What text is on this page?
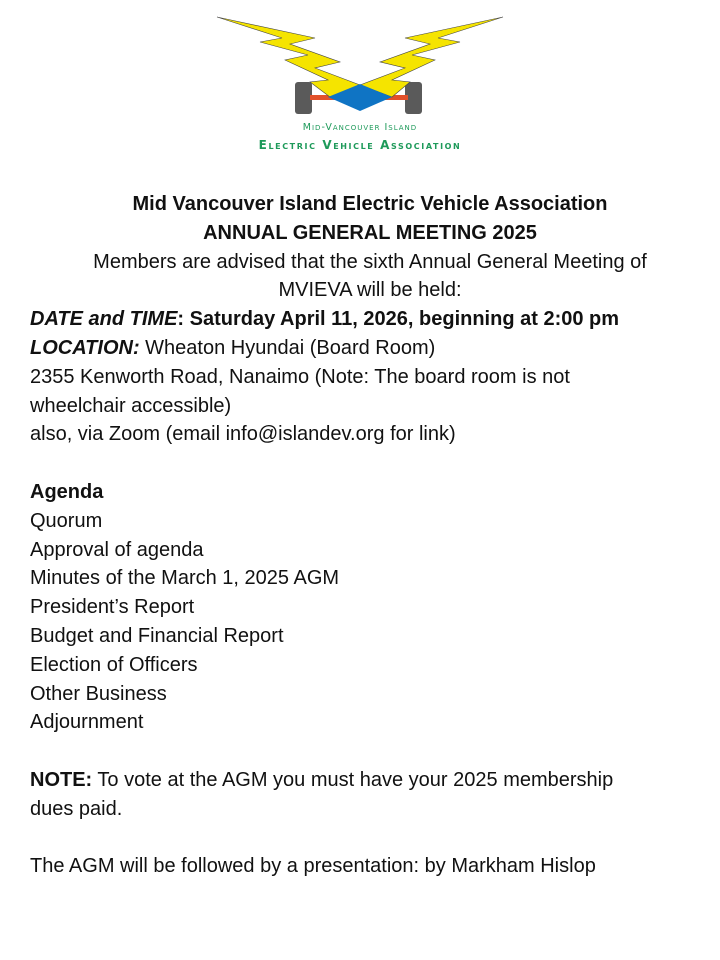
Mid-Vancouver Island
Electric Vehicle Association
Mid Vancouver Island Electric Vehicle Association
ANNUAL GENERAL MEETING 2025
Members are advised that the sixth Annual General Meeting of
MVIEVA will be held:
DATE and TIME: Saturday April 11, 2026, beginning at 2:00 pm
LOCATION: Wheaton Hyundai (Board Room)
2355 Kenworth Road, Nanaimo (Note: The board room is not
wheelchair accessible)
also, via Zoom (email info@islandev.org for link)
Agenda
Quorum
Approval of agenda
Minutes of the March 1, 2025 AGM
President’s Report
Budget and Financial Report
Election of Officers
Other Business
Adjournment
NOTE: To vote at the AGM you must have your 2025 membership
dues paid.
The AGM will be followed by a presentation: by Markham Hislop
